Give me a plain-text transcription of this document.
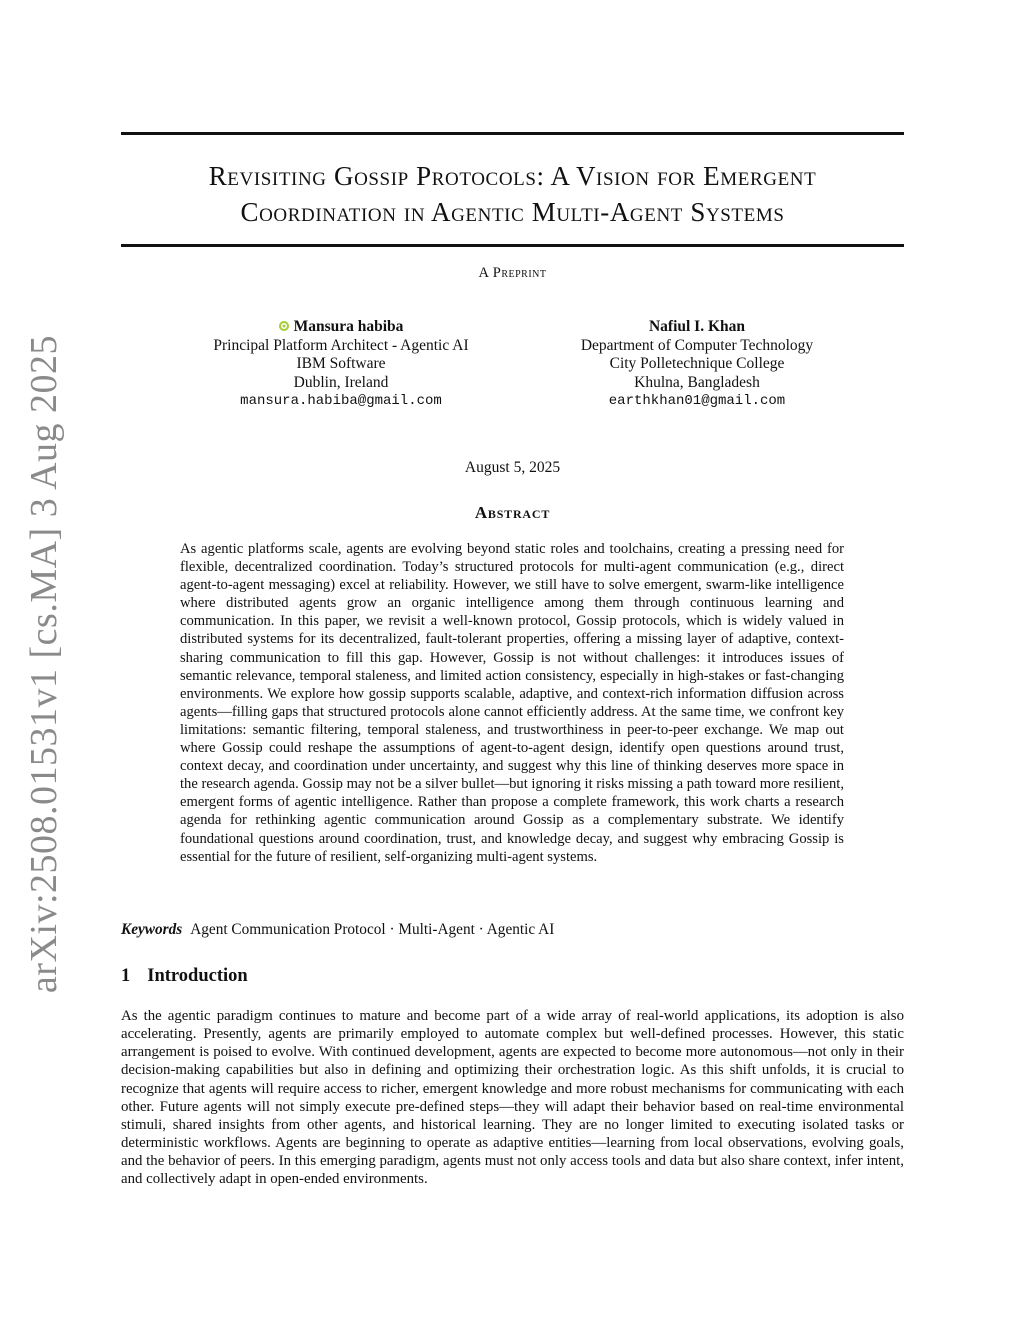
arXiv:2508.01531v1 [cs.MA] 3 Aug 2025
Revisiting Gossip Protocols: A Vision for Emergent
Coordination in Agentic Multi-Agent Systems
A Preprint
Mansura habiba
Principal Platform Architect - Agentic AI
IBM Software
Dublin, Ireland
mansura.habiba@gmail.com
Nafiul I. Khan
Department of Computer Technology
City Polletechnique College
Khulna, Bangladesh
earthkhan01@gmail.com
August 5, 2025
Abstract
As agentic platforms scale, agents are evolving beyond static roles and toolchains, creating a pressing need for flexible, decentralized coordination. Today’s structured protocols for multi-agent communication (e.g., direct agent-to-agent messaging) excel at reliability. However, we still have to solve emergent, swarm-like intelligence where distributed agents grow an organic intelligence among them through continuous learning and communication. In this paper, we revisit a well-known protocol, Gossip protocols, which is widely valued in distributed systems for its decentralized, fault-tolerant properties, offering a missing layer of adaptive, context-sharing communication to fill this gap. However, Gossip is not without challenges: it introduces issues of semantic relevance, temporal staleness, and limited action consistency, especially in high-stakes or fast-changing environments. We explore how gossip supports scalable, adaptive, and context-rich information diffusion across agents—filling gaps that structured protocols alone cannot efficiently address. At the same time, we confront key limitations: semantic filtering, temporal staleness, and trustworthiness in peer-to-peer exchange. We map out where Gossip could reshape the assumptions of agent-to-agent design, identify open questions around trust, context decay, and coordination under uncertainty, and suggest why this line of thinking deserves more space in the research agenda. Gossip may not be a silver bullet—but ignoring it risks missing a path toward more resilient, emergent forms of agentic intelligence. Rather than propose a complete framework, this work charts a research agenda for rethinking agentic communication around Gossip as a complementary substrate. We identify foundational questions around coordination, trust, and knowledge decay, and suggest why embracing Gossip is essential for the future of resilient, self-organizing multi-agent systems.
Keywords Agent Communication Protocol · Multi-Agent · Agentic AI
1 Introduction
As the agentic paradigm continues to mature and become part of a wide array of real-world applications, its adoption is also accelerating. Presently, agents are primarily employed to automate complex but well-defined processes. However, this static arrangement is poised to evolve. With continued development, agents are expected to become more autonomous—not only in their decision-making capabilities but also in defining and optimizing their orchestration logic. As this shift unfolds, it is crucial to recognize that agents will require access to richer, emergent knowledge and more robust mechanisms for communicating with each other. Future agents will not simply execute pre-defined steps—they will adapt their behavior based on real-time environmental stimuli, shared insights from other agents, and historical learning. They are no longer limited to executing isolated tasks or deterministic workflows. Agents are beginning to operate as adaptive entities—learning from local observations, evolving goals, and the behavior of peers. In this emerging paradigm, agents must not only access tools and data but also share context, infer intent, and collectively adapt in open-ended environments.
